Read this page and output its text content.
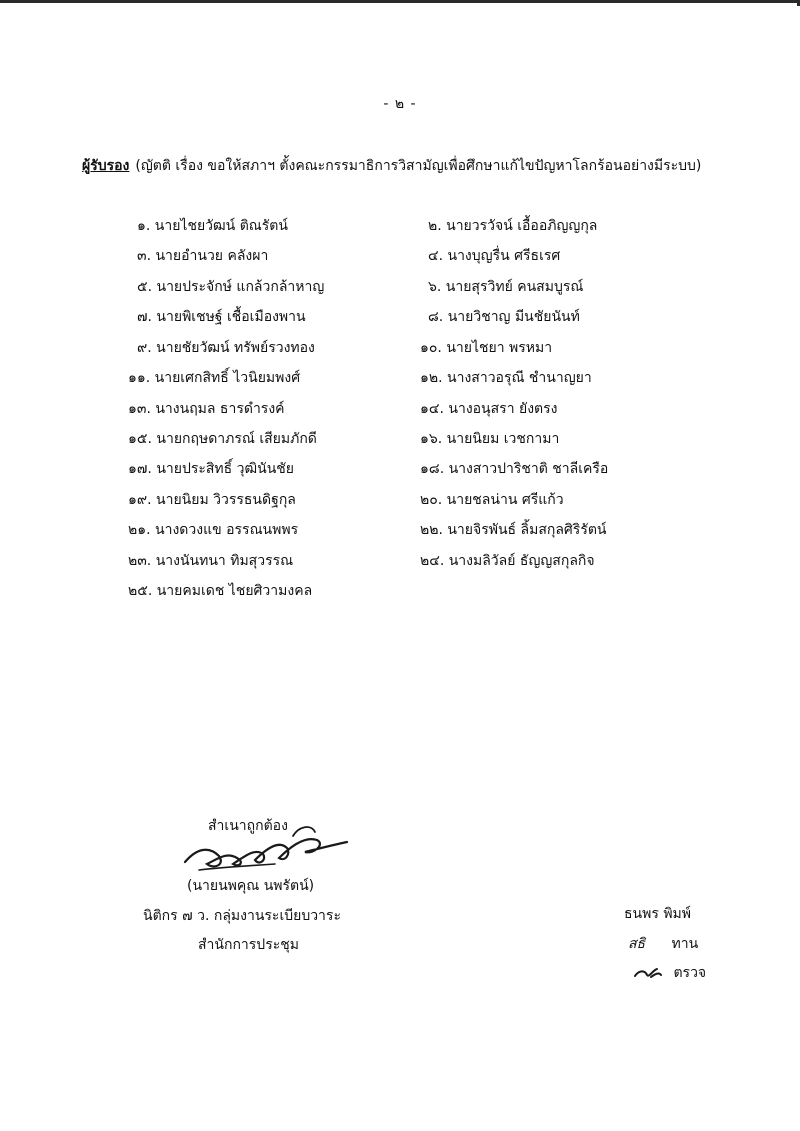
- ๒ -
ผู้รับรอง (ญัตติ เรื่อง ขอให้สภาฯ ตั้งคณะกรรมาธิการวิสามัญเพื่อศึกษาแก้ไขปัญหาโลกร้อนอย่างมีระบบ)
๑. นายไชยวัฒน์ ติณรัตน์	๒. นายวรวัจน์ เอื้ออภิญญกุล
๓. นายอำนวย คลังผา	๔. นางบุญรื่น ศรีธเรศ
๕. นายประจักษ์ แกล้วกล้าหาญ	๖. นายสุรวิทย์ คนสมบูรณ์
๗. นายพิเชษฐ์ เชื้อเมืองพาน	๘. นายวิชาญ มีนชัยนันท์
๙. นายชัยวัฒน์ ทรัพย์รวงทอง	๑๐. นายไชยา พรหมา
๑๑. นายเศกสิทธิ์ ไวนิยมพงศ์	๑๒. นางสาวอรุณี ชำนาญยา
๑๓. นางนฤมล ธารดำรงค์	๑๔. นางอนุสรา ยังตรง
๑๕. นายกฤษดาภรณ์ เสียมภักดี	๑๖. นายนิยม เวชกามา
๑๗. นายประสิทธิ์ วุฒินันชัย	๑๘. นางสาวปาริชาติ ชาลีเครือ
๑๙. นายนิยม วิวรรธนดิฐกุล	๒๐. นายชลน่าน ศรีแก้ว
๒๑. นางดวงแข อรรณนพพร	๒๒. นายจิรพันธ์ ลิ้มสกุลศิริรัตน์
๒๓. นางนันทนา ทิมสุวรรณ	๒๔. นางมลิวัลย์ ธัญญสกุลกิจ
๒๕. นายคมเดช ไชยศิวามงคล
สำเนาถูกต้อง
(นายนพคุณ นพรัตน์)
นิติกร ๗ ว. กลุ่มงานระเบียบวาระ
สำนักการประชุม
ธนพร พิมพ์
สธิ ทาน
ตรวจ
